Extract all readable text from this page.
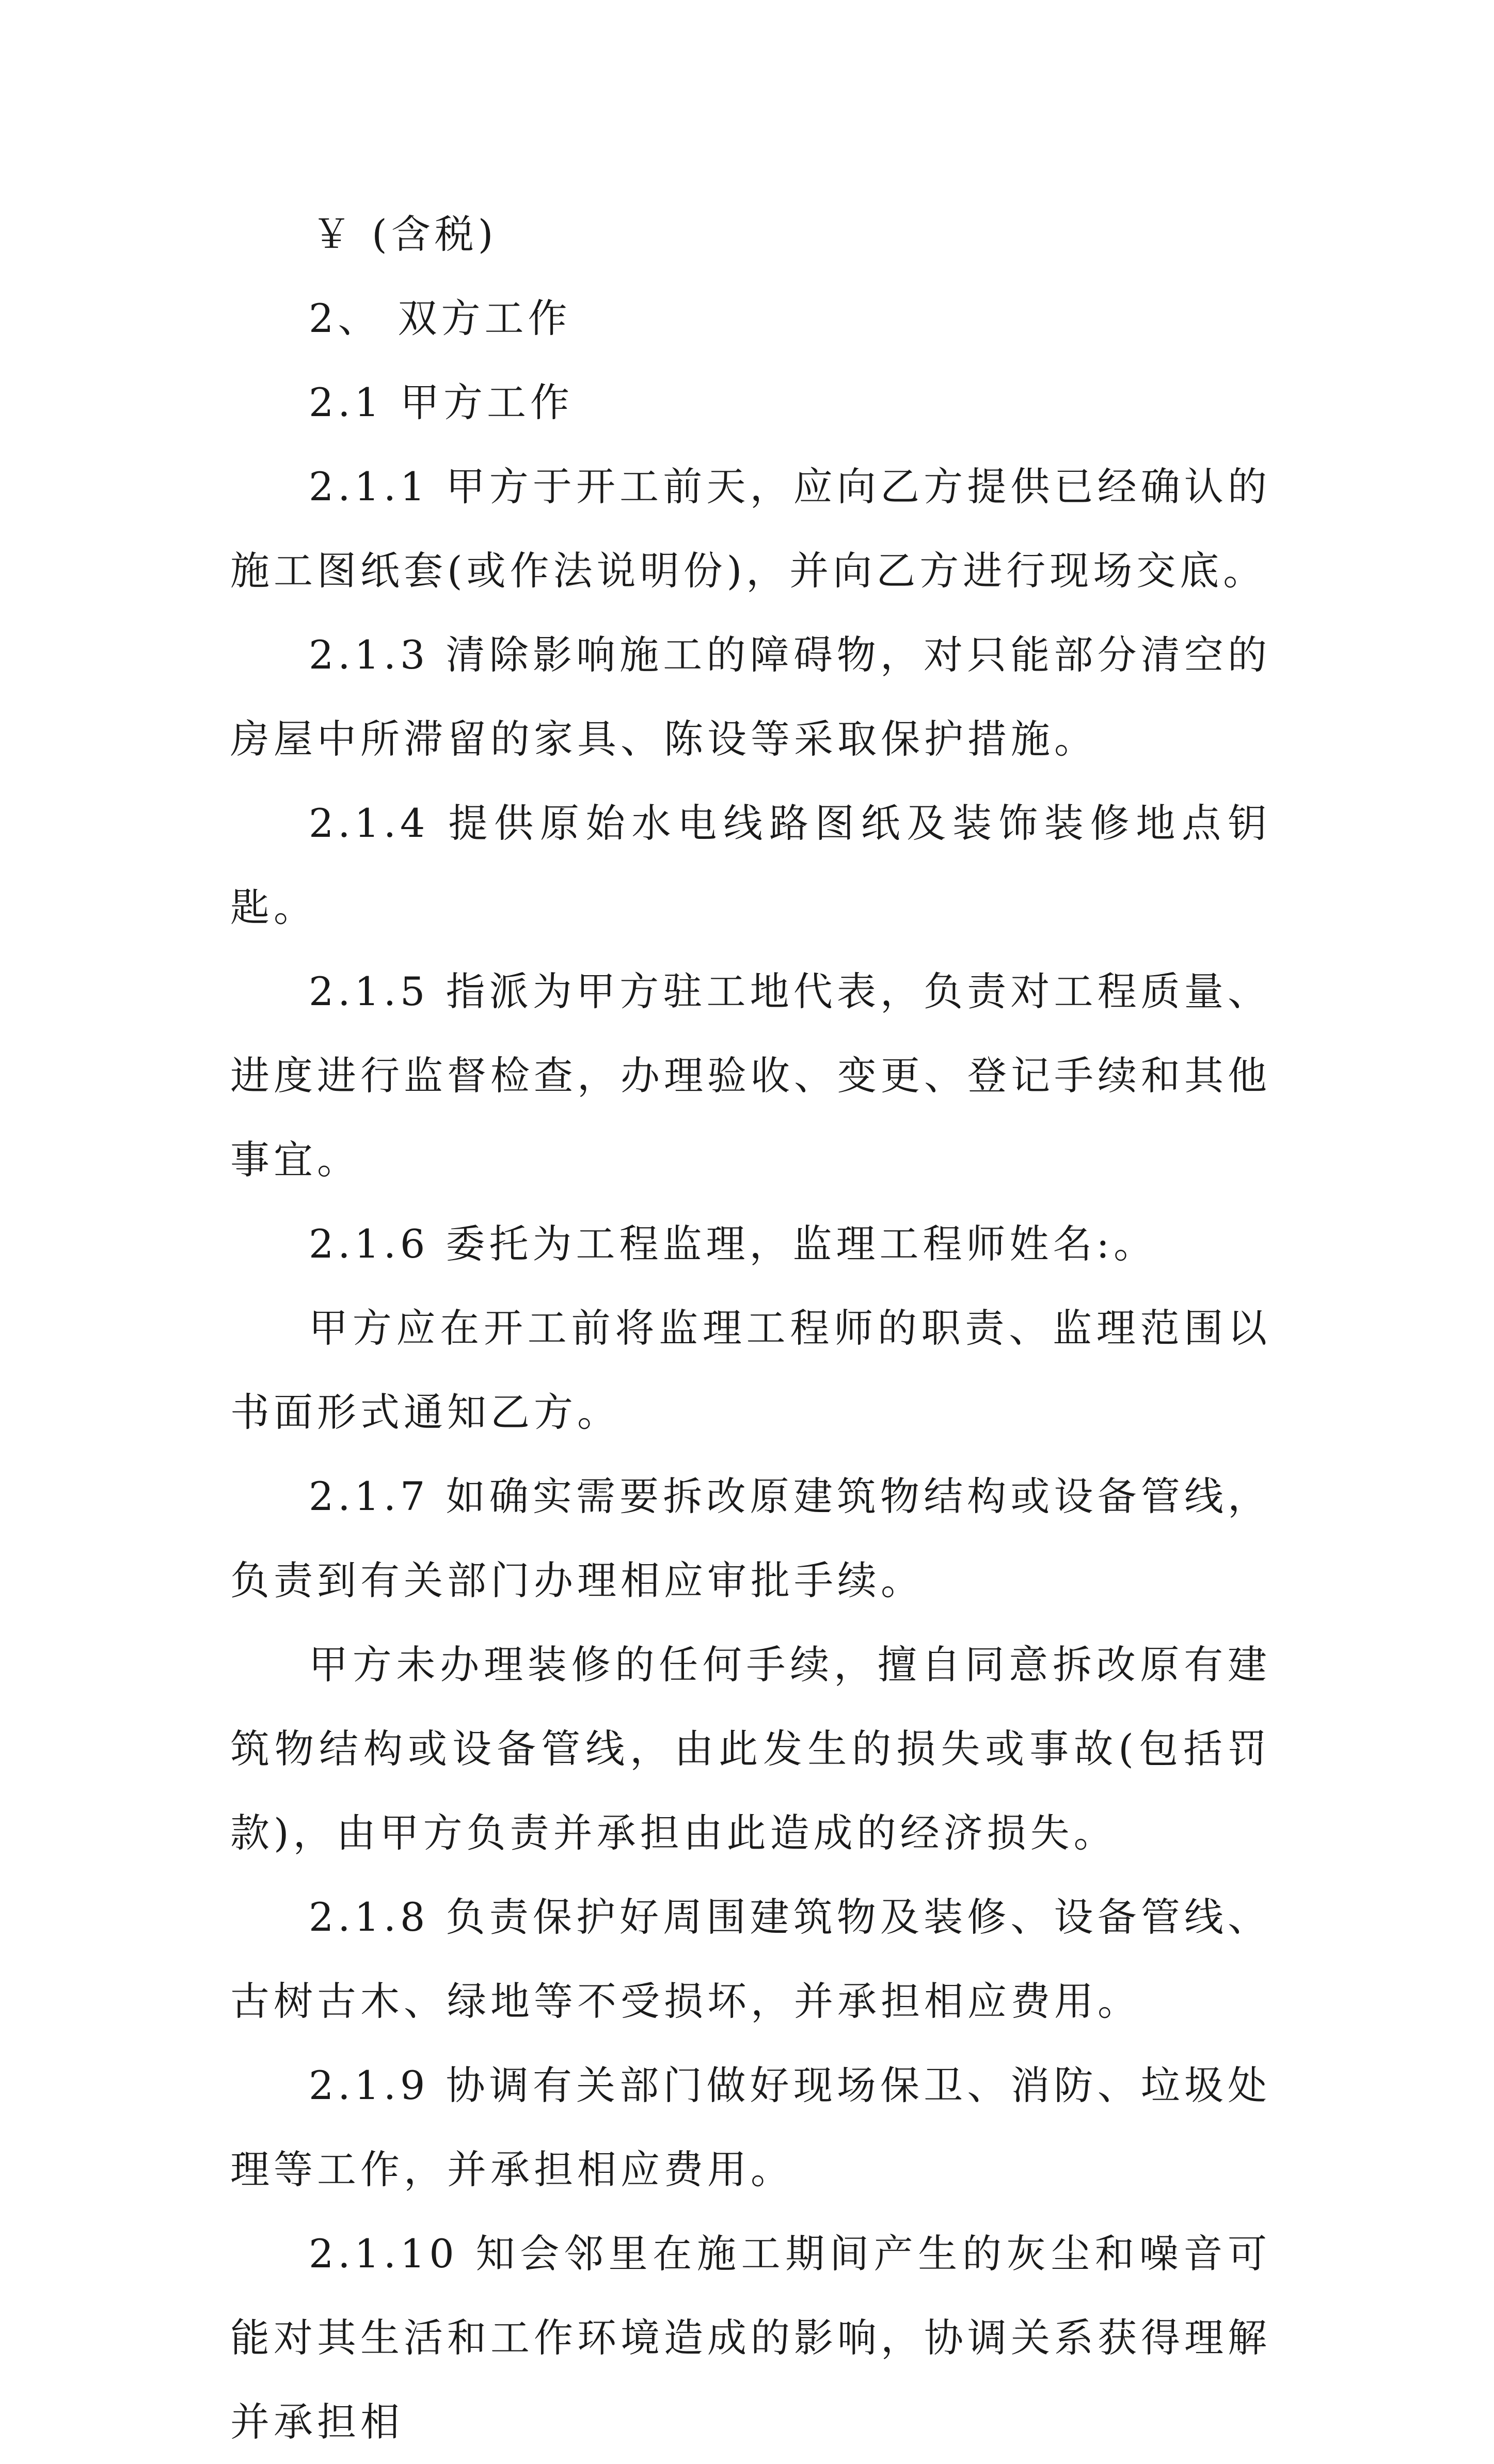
￥ (含税)

2、 双方工作

2.1 甲方工作

2.1.1 甲方于开工前天，应向乙方提供已经确认的施工图纸套(或作法说明份)，并向乙方进行现场交底。

2.1.3 清除影响施工的障碍物，对只能部分清空的房屋中所滞留的家具、陈设等采取保护措施。

2.1.4 提供原始水电线路图纸及装饰装修地点钥匙。

2.1.5 指派为甲方驻工地代表，负责对工程质量、进度进行监督检查，办理验收、变更、登记手续和其他事宜。

2.1.6 委托为工程监理，监理工程师姓名:。

甲方应在开工前将监理工程师的职责、监理范围以书面形式通知乙方。

2.1.7 如确实需要拆改原建筑物结构或设备管线，负责到有关部门办理相应审批手续。

甲方未办理装修的任何手续，擅自同意拆改原有建筑物结构或设备管线，由此发生的损失或事故(包括罚款)，由甲方负责并承担由此造成的经济损失。

2.1.8 负责保护好周围建筑物及装修、设备管线、古树古木、绿地等不受损坏，并承担相应费用。

2.1.9 协调有关部门做好现场保卫、消防、垃圾处理等工作，并承担相应费用。

2.1.10 知会邻里在施工期间产生的灰尘和噪音可能对其生活和工作环境造成的影响，协调关系获得理解并承担相
